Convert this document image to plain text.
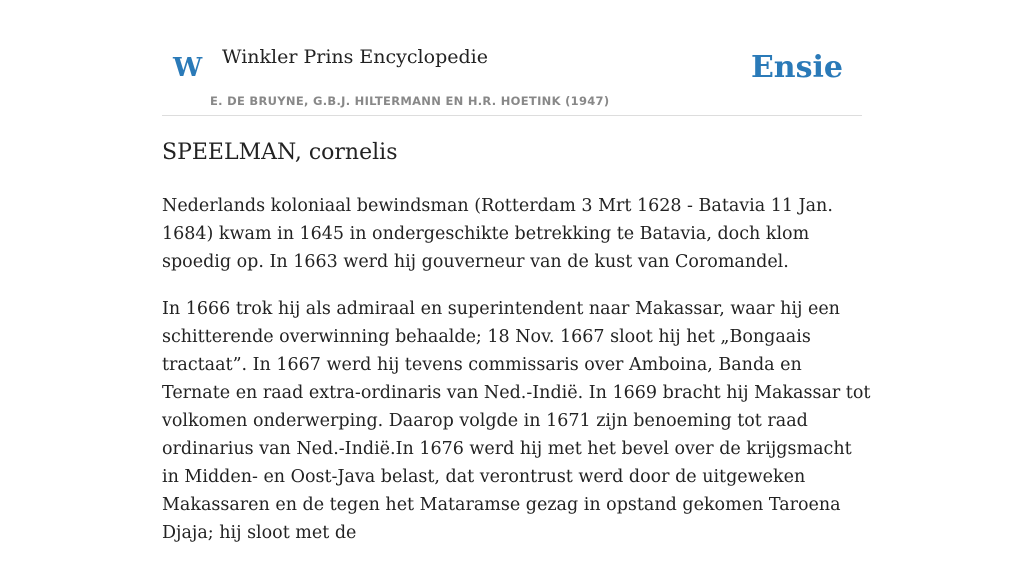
W Winkler Prins Encyclopedie
E. DE BRUYNE, G.B.J. HILTERMANN EN H.R. HOETINK (1947)
Ensie
SPEELMAN, cornelis

Nederlands koloniaal bewindsman (Rotterdam 3 Mrt 1628 - Batavia 11 Jan. 1684) kwam in 1645 in ondergeschikte betrekking te Batavia, doch klom spoedig op. In 1663 werd hij gouverneur van de kust van Coromandel.

In 1666 trok hij als admiraal en superintendent naar Makassar, waar hij een schitterende overwinning behaalde; 18 Nov. 1667 sloot hij het „Bongaais tractaat”. In 1667 werd hij tevens commissaris over Amboina, Banda en Ternate en raad extra-ordinaris van Ned.-Indië. In 1669 bracht hij Makassar tot volkomen onderwerping. Daarop volgde in 1671 zijn benoeming tot raad ordinarius van Ned.-Indië.In 1676 werd hij met het bevel over de krijgsmacht in Midden- en Oost-Java belast, dat verontrust werd door de uitgeweken Makassaren en de tegen het Mataramse gezag in opstand gekomen Taroena Djaja; hij sloot met de
